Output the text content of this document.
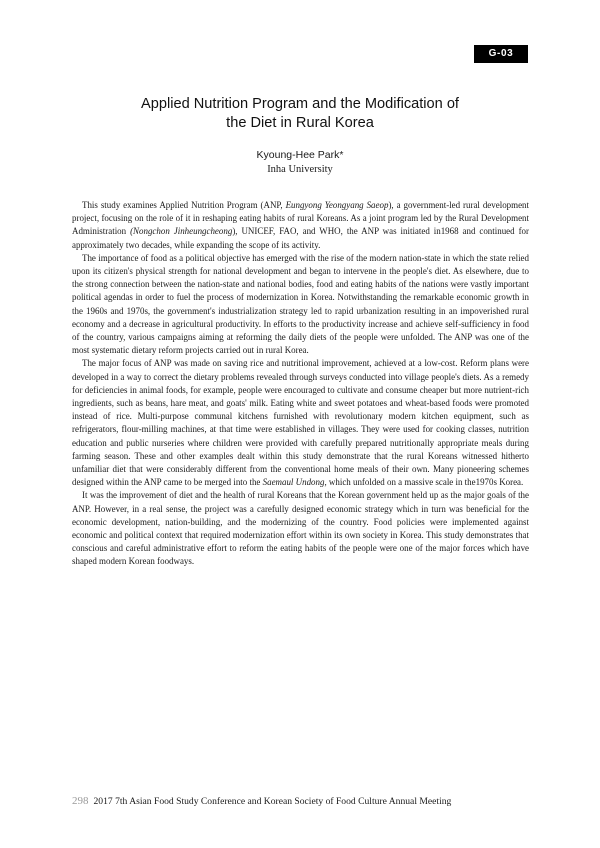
G-03
Applied Nutrition Program and the Modification of
the Diet in Rural Korea
Kyoung-Hee Park*
Inha University

This study examines Applied Nutrition Program (ANP, Eungyong Yeongyang Saeop), a government-led rural development project, focusing on the role of it in reshaping eating habits of rural Koreans. As a joint program led by the Rural Development Administration (Nongchon Jinheungcheong), UNICEF, FAO, and WHO, the ANP was initiated in1968 and continued for approximately two decades, while expanding the scope of its activity.

The importance of food as a political objective has emerged with the rise of the modern nation-state in which the state relied upon its citizen's physical strength for national development and began to intervene in the people's diet. As elsewhere, due to the strong connection between the nation-state and national bodies, food and eating habits of the nations were vastly important political agendas in order to fuel the process of modernization in Korea. Notwithstanding the remarkable economic growth in the 1960s and 1970s, the government's industrialization strategy led to rapid urbanization resulting in an impoverished rural economy and a decrease in agricultural productivity. In efforts to the productivity increase and achieve self-sufficiency in food of the country, various campaigns aiming at reforming the daily diets of the people were unfolded. The ANP was one of the most systematic dietary reform projects carried out in rural Korea.

The major focus of ANP was made on saving rice and nutritional improvement, achieved at a low-cost. Reform plans were developed in a way to correct the dietary problems revealed through surveys conducted into village people's diets. As a remedy for deficiencies in animal foods, for example, people were encouraged to cultivate and consume cheaper but more nutrient-rich ingredients, such as beans, hare meat, and goats' milk. Eating white and sweet potatoes and wheat-based foods were promoted instead of rice. Multi-purpose communal kitchens furnished with revolutionary modern kitchen equipment, such as refrigerators, flour-milling machines, at that time were established in villages. They were used for cooking classes, nutrition education and public nurseries where children were provided with carefully prepared nutritionally appropriate meals during farming season. These and other examples dealt within this study demonstrate that the rural Koreans witnessed hitherto unfamiliar diet that were considerably different from the conventional home meals of their own. Many pioneering schemes designed within the ANP came to be merged into the Saemaul Undong, which unfolded on a massive scale in the1970s Korea.

It was the improvement of diet and the health of rural Koreans that the Korean government held up as the major goals of the ANP. However, in a real sense, the project was a carefully designed economic strategy which in turn was beneficial for the economic development, nation-building, and the modernizing of the country. Food policies were implemented against economic and political context that required modernization effort within its own society in Korea. This study demonstrates that conscious and careful administrative effort to reform the eating habits of the people were one of the major forces which have shaped modern Korean foodways.

298 2017 7th Asian Food Study Conference and Korean Society of Food Culture Annual Meeting
